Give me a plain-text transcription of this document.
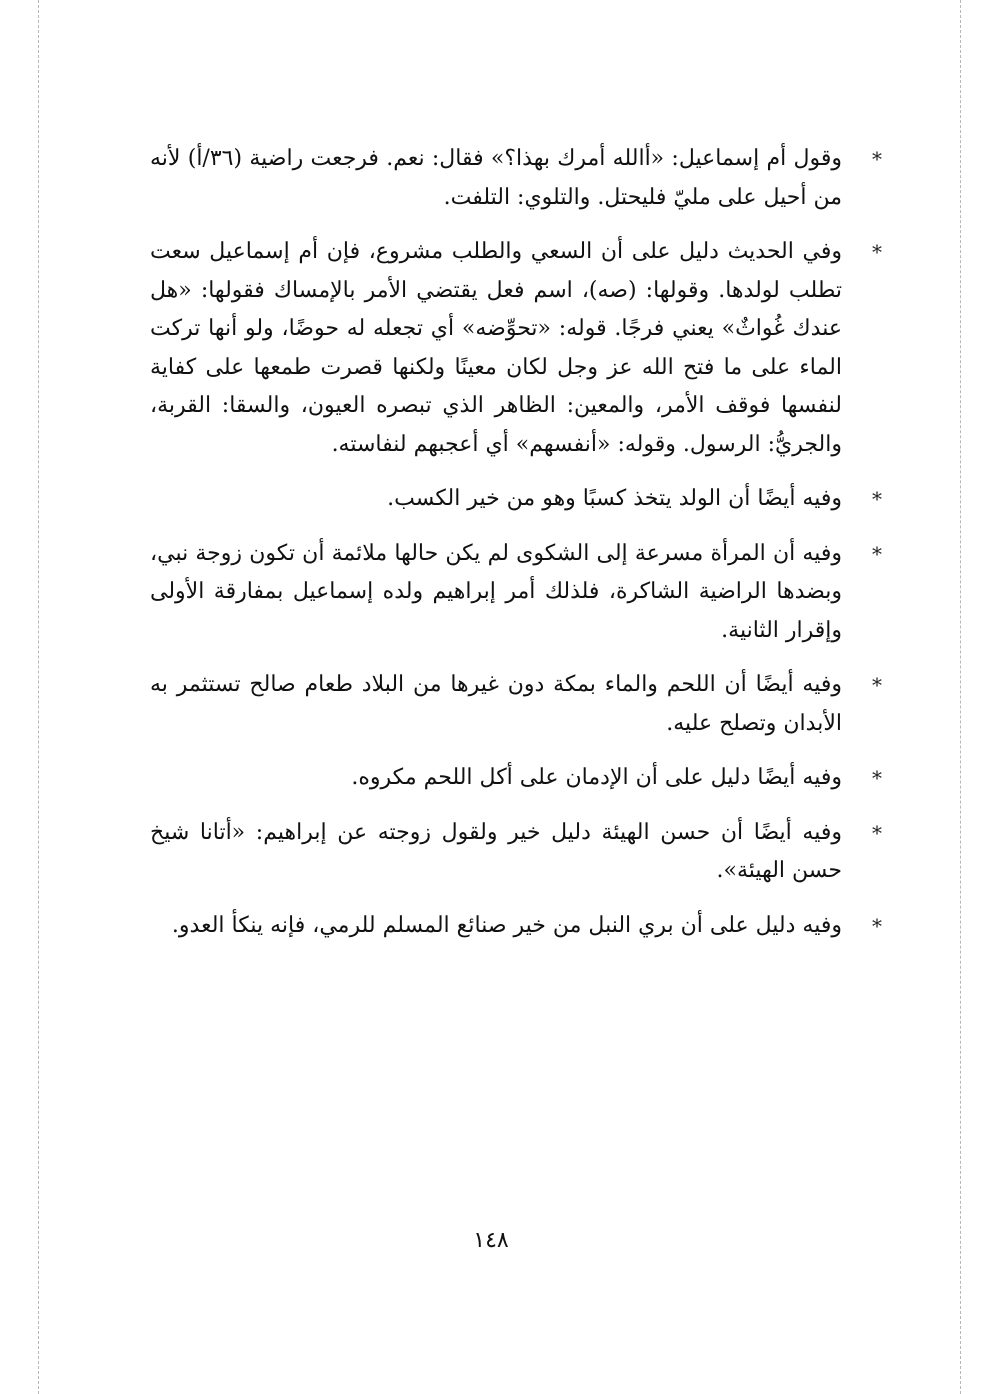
*
وقول أم إسماعيل: «أالله أمرك بهذا؟» فقال: نعم. فرجعت راضية (٣٦/أ) لأنه من أحيل على مليّ فليحتل. والتلوي: التلفت.

*
وفي الحديث دليل على أن السعي والطلب مشروع، فإن أم إسماعيل سعت تطلب لولدها. وقولها: (صه)، اسم فعل يقتضي الأمر بالإمساك فقولها: «هل عندك غُواثٌ» يعني فرجًا. قوله: «تحوِّضه» أي تجعله له حوضًا، ولو أنها تركت الماء على ما فتح الله عز وجل لكان معينًا ولكنها قصرت طمعها على كفاية لنفسها فوقف الأمر، والمعين: الظاهر الذي تبصره العيون، والسقا: القربة، والجريُّ: الرسول. وقوله: «أنفسهم» أي أعجبهم لنفاسته.

*
وفيه أيضًا أن الولد يتخذ كسبًا وهو من خير الكسب.

*
وفيه أن المرأة مسرعة إلى الشكوى لم يكن حالها ملائمة أن تكون زوجة نبي، وبضدها الراضية الشاكرة، فلذلك أمر إبراهيم ولده إسماعيل بمفارقة الأولى وإقرار الثانية.

*
وفيه أيضًا أن اللحم والماء بمكة دون غيرها من البلاد طعام صالح تستثمر به الأبدان وتصلح عليه.

*
وفيه أيضًا دليل على أن الإدمان على أكل اللحم مكروه.

*
وفيه أيضًا أن حسن الهيئة دليل خير ولقول زوجته عن إبراهيم: «أتانا شيخ حسن الهيئة».

*
وفيه دليل على أن بري النبل من خير صنائع المسلم للرمي، فإنه ينكأ العدو.

١٤٨
